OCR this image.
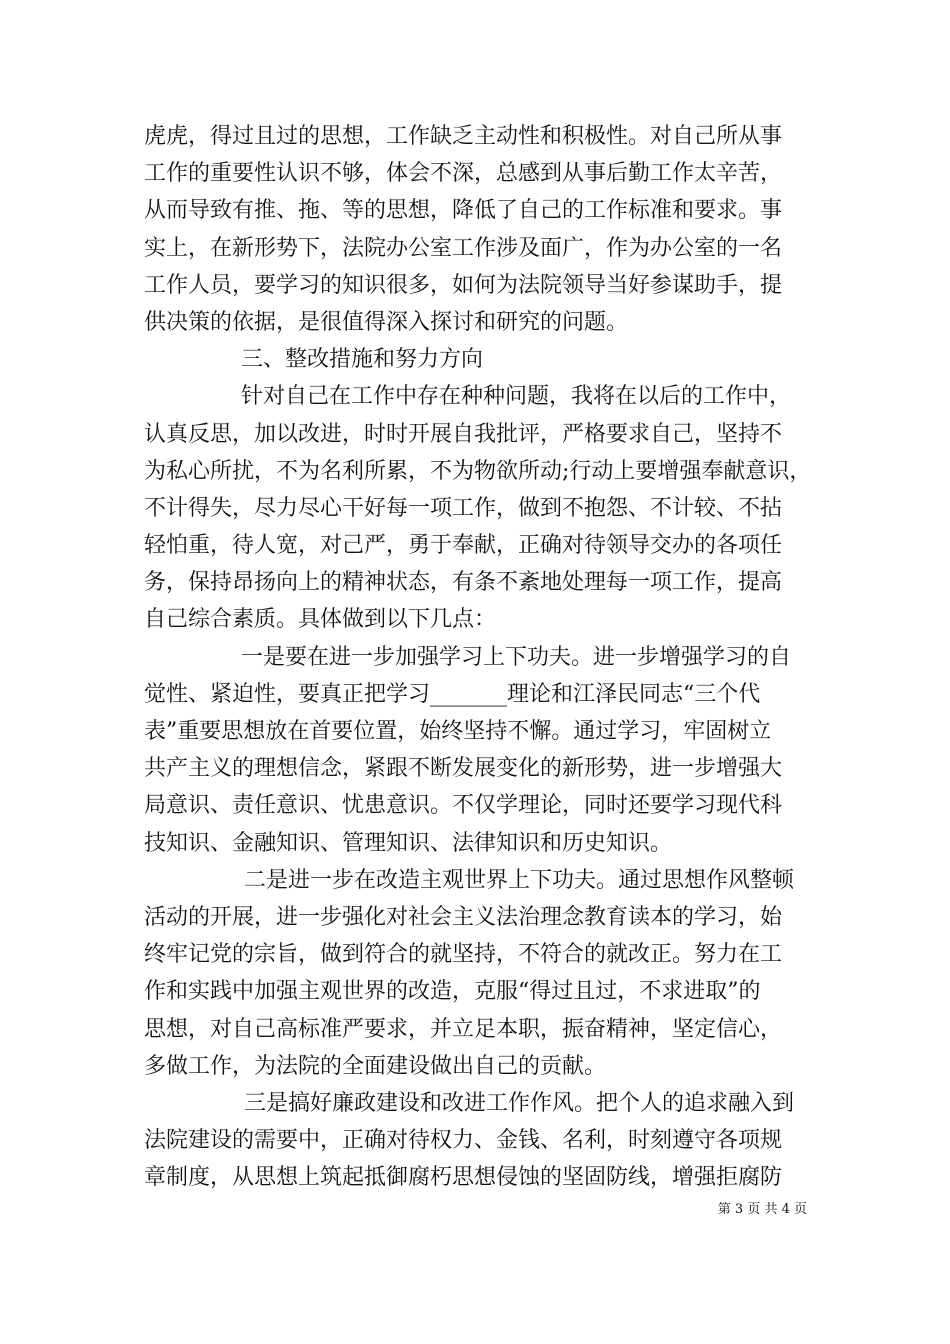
虎虎，得过且过的思想，工作缺乏主动性和积极性。对自己所从事
工作的重要性认识不够，体会不深，总感到从事后勤工作太辛苦，
从而导致有推、拖、等的思想，降低了自己的工作标准和要求。事
实上，在新形势下，法院办公室工作涉及面广，作为办公室的一名
工作人员，要学习的知识很多，如何为法院领导当好参谋助手，提
供决策的依据，是很值得深入探讨和研究的问题。
三、整改措施和努力方向
针对自己在工作中存在种种问题，我将在以后的工作中，
认真反思，加以改进，时时开展自我批评，严格要求自己，坚持不
为私心所扰，不为名利所累，不为物欲所动;行动上要增强奉献意识，
不计得失，尽力尽心干好每一项工作，做到不抱怨、不计较、不拈
轻怕重，待人宽，对己严，勇于奉献，正确对待领导交办的各项任
务，保持昂扬向上的精神状态，有条不紊地处理每一项工作，提高
自己综合素质。具体做到以下几点：
一是要在进一步加强学习上下功夫。进一步增强学习的自
觉性、紧迫性，要真正把学习_______理论和江泽民同志“三个代
表”重要思想放在首要位置，始终坚持不懈。通过学习，牢固树立
共产主义的理想信念，紧跟不断发展变化的新形势，进一步增强大
局意识、责任意识、忧患意识。不仅学理论，同时还要学习现代科
技知识、金融知识、管理知识、法律知识和历史知识。
二是进一步在改造主观世界上下功夫。通过思想作风整顿
活动的开展，进一步强化对社会主义法治理念教育读本的学习，始
终牢记党的宗旨，做到符合的就坚持，不符合的就改正。努力在工
作和实践中加强主观世界的改造，克服“得过且过，不求进取”的
思想，对自己高标准严要求，并立足本职，振奋精神，坚定信心，
多做工作，为法院的全面建设做出自己的贡献。
三是搞好廉政建设和改进工作作风。把个人的追求融入到
法院建设的需要中，正确对待权力、金钱、名利，时刻遵守各项规
章制度，从思想上筑起抵御腐朽思想侵蚀的坚固防线，增强拒腐防
第 3 页 共 4 页
